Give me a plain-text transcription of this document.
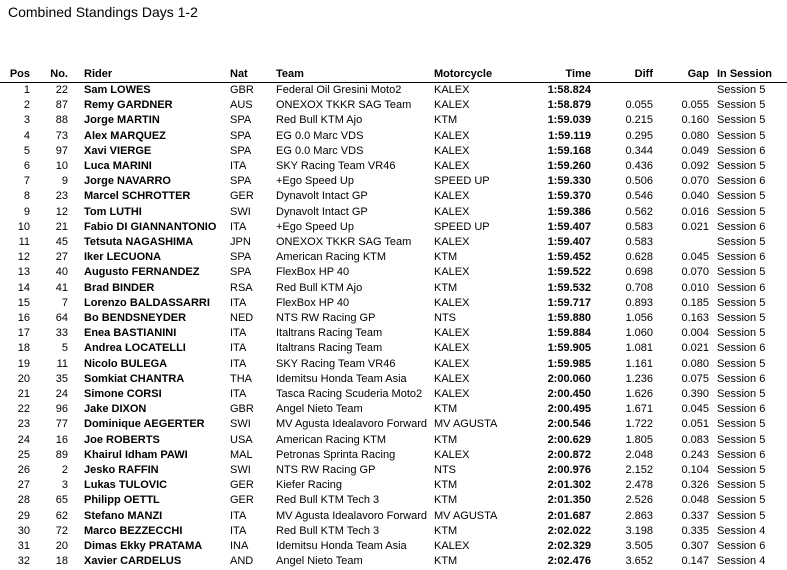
Combined Standings Days 1-2
Pos	No.	Rider	Nat	Team	Motorcycle	Time	Diff	Gap	In Session
1	22	Sam LOWES	GBR	Federal Oil Gresini Moto2	KALEX	1:58.824			Session 5
2	87	Remy GARDNER	AUS	ONEXOX TKKR SAG Team	KALEX	1:58.879	0.055	0.055	Session 5
3	88	Jorge MARTIN	SPA	Red Bull KTM Ajo	KTM	1:59.039	0.215	0.160	Session 5
4	73	Alex MARQUEZ	SPA	EG 0.0 Marc VDS	KALEX	1:59.119	0.295	0.080	Session 5
5	97	Xavi VIERGE	SPA	EG 0.0 Marc VDS	KALEX	1:59.168	0.344	0.049	Session 6
6	10	Luca MARINI	ITA	SKY Racing Team VR46	KALEX	1:59.260	0.436	0.092	Session 5
7	9	Jorge NAVARRO	SPA	+Ego Speed Up	SPEED UP	1:59.330	0.506	0.070	Session 6
8	23	Marcel SCHROTTER	GER	Dynavolt Intact GP	KALEX	1:59.370	0.546	0.040	Session 5
9	12	Tom LUTHI	SWI	Dynavolt Intact GP	KALEX	1:59.386	0.562	0.016	Session 5
10	21	Fabio DI GIANNANTONIO	ITA	+Ego Speed Up	SPEED UP	1:59.407	0.583	0.021	Session 6
11	45	Tetsuta NAGASHIMA	JPN	ONEXOX TKKR SAG Team	KALEX	1:59.407	0.583		Session 5
12	27	Iker LECUONA	SPA	American Racing KTM	KTM	1:59.452	0.628	0.045	Session 6
13	40	Augusto FERNANDEZ	SPA	FlexBox HP 40	KALEX	1:59.522	0.698	0.070	Session 5
14	41	Brad BINDER	RSA	Red Bull KTM Ajo	KTM	1:59.532	0.708	0.010	Session 6
15	7	Lorenzo BALDASSARRI	ITA	FlexBox HP 40	KALEX	1:59.717	0.893	0.185	Session 5
16	64	Bo BENDSNEYDER	NED	NTS RW Racing GP	NTS	1:59.880	1.056	0.163	Session 5
17	33	Enea BASTIANINI	ITA	Italtrans Racing Team	KALEX	1:59.884	1.060	0.004	Session 5
18	5	Andrea LOCATELLI	ITA	Italtrans Racing Team	KALEX	1:59.905	1.081	0.021	Session 6
19	11	Nicolo BULEGA	ITA	SKY Racing Team VR46	KALEX	1:59.985	1.161	0.080	Session 5
20	35	Somkiat CHANTRA	THA	Idemitsu Honda Team Asia	KALEX	2:00.060	1.236	0.075	Session 6
21	24	Simone CORSI	ITA	Tasca Racing Scuderia Moto2	KALEX	2:00.450	1.626	0.390	Session 5
22	96	Jake DIXON	GBR	Angel Nieto Team	KTM	2:00.495	1.671	0.045	Session 6
23	77	Dominique AEGERTER	SWI	MV Agusta Idealavoro Forward	MV AGUSTA	2:00.546	1.722	0.051	Session 5
24	16	Joe ROBERTS	USA	American Racing KTM	KTM	2:00.629	1.805	0.083	Session 5
25	89	Khairul Idham PAWI	MAL	Petronas Sprinta Racing	KALEX	2:00.872	2.048	0.243	Session 6
26	2	Jesko RAFFIN	SWI	NTS RW Racing GP	NTS	2:00.976	2.152	0.104	Session 5
27	3	Lukas TULOVIC	GER	Kiefer Racing	KTM	2:01.302	2.478	0.326	Session 5
28	65	Philipp OETTL	GER	Red Bull KTM Tech 3	KTM	2:01.350	2.526	0.048	Session 5
29	62	Stefano MANZI	ITA	MV Agusta Idealavoro Forward	MV AGUSTA	2:01.687	2.863	0.337	Session 5
30	72	Marco BEZZECCHI	ITA	Red Bull KTM Tech 3	KTM	2:02.022	3.198	0.335	Session 4
31	20	Dimas Ekky PRATAMA	INA	Idemitsu Honda Team Asia	KALEX	2:02.329	3.505	0.307	Session 6
32	18	Xavier CARDELUS	AND	Angel Nieto Team	KTM	2:02.476	3.652	0.147	Session 4
